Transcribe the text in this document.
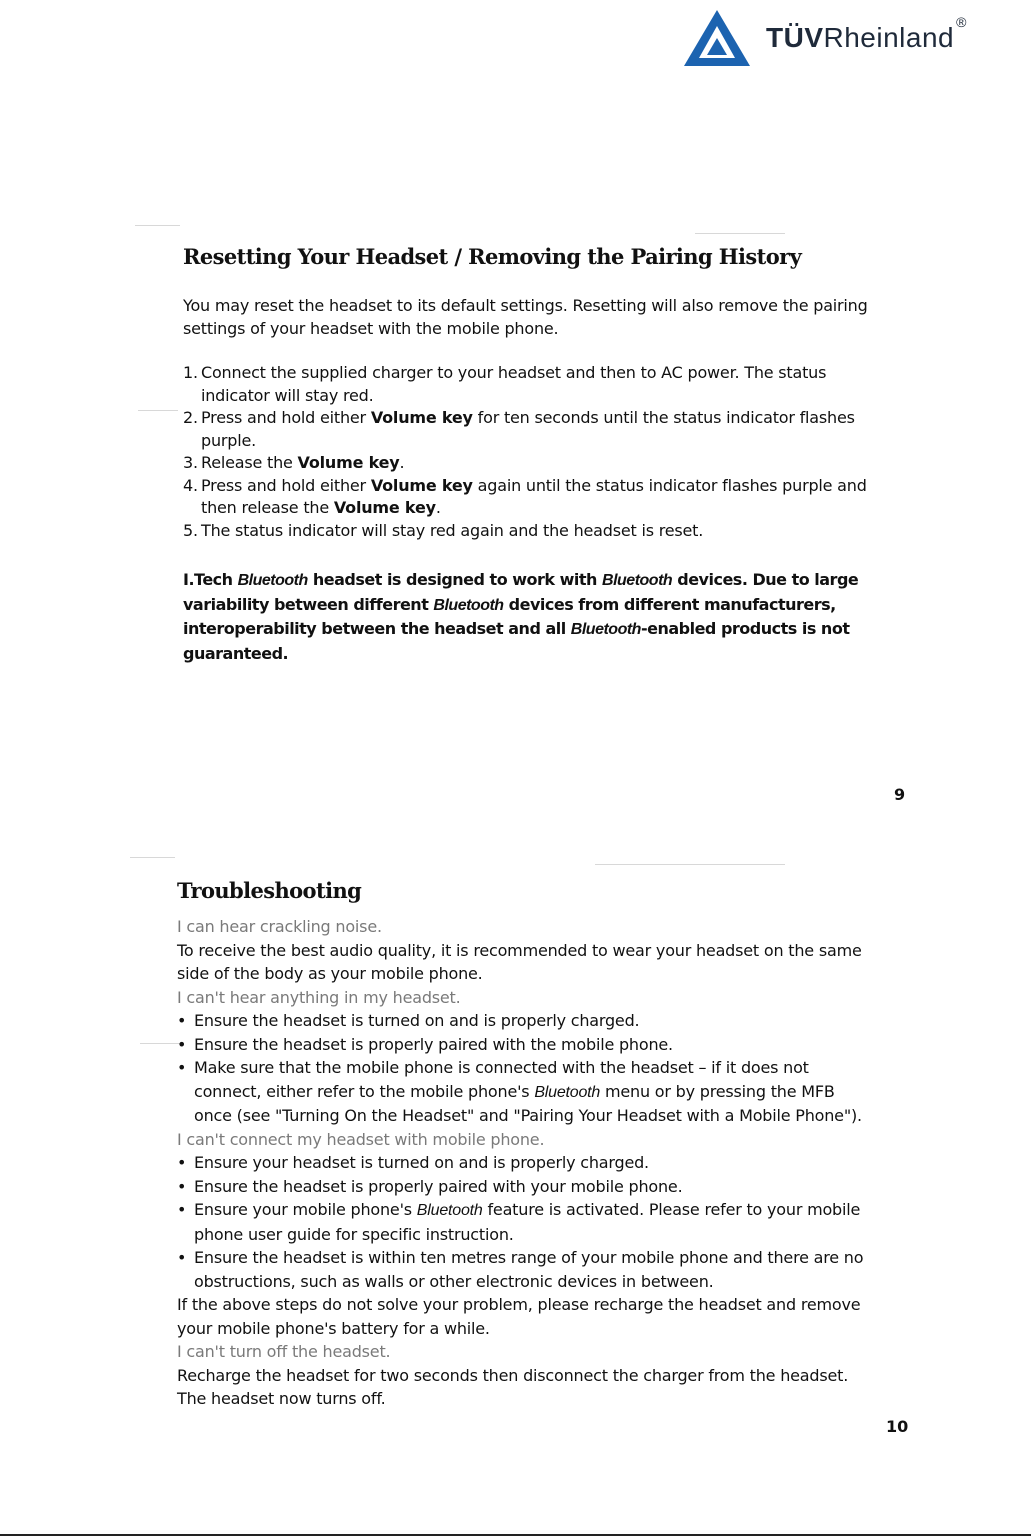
TÜVRheinland®
Resetting Your Headset / Removing the Pairing History

You may reset the headset to its default settings. Resetting will also remove the pairing settings of your headset with the mobile phone.

1. Connect the supplied charger to your headset and then to AC power. The status indicator will stay red.
2. Press and hold either Volume key for ten seconds until the status indicator flashes purple.
3. Release the Volume key.
4. Press and hold either Volume key again until the status indicator flashes purple and then release the Volume key.
5. The status indicator will stay red again and the headset is reset.

I.Tech Bluetooth headset is designed to work with Bluetooth devices. Due to large variability between different Bluetooth devices from different manufacturers, interoperability between the headset and all Bluetooth-enabled products is not guaranteed.

9
Troubleshooting

I can hear crackling noise.

To receive the best audio quality, it is recommended to wear your headset on the same side of the body as your mobile phone.

I can't hear anything in my headset.

• Ensure the headset is turned on and is properly charged.
• Ensure the headset is properly paired with the mobile phone.
• Make sure that the mobile phone is connected with the headset – if it does not connect, either refer to the mobile phone's Bluetooth menu or by pressing the MFB once (see "Turning On the Headset" and "Pairing Your Headset with a Mobile Phone").

I can't connect my headset with mobile phone.

• Ensure your headset is turned on and is properly charged.
• Ensure the headset is properly paired with your mobile phone.
• Ensure your mobile phone's Bluetooth feature is activated. Please refer to your mobile phone user guide for specific instruction.
• Ensure the headset is within ten metres range of your mobile phone and there are no obstructions, such as walls or other electronic devices in between.

If the above steps do not solve your problem, please recharge the headset and remove your mobile phone's battery for a while.

I can't turn off the headset.

Recharge the headset for two seconds then disconnect the charger from the headset. The headset now turns off.

10
